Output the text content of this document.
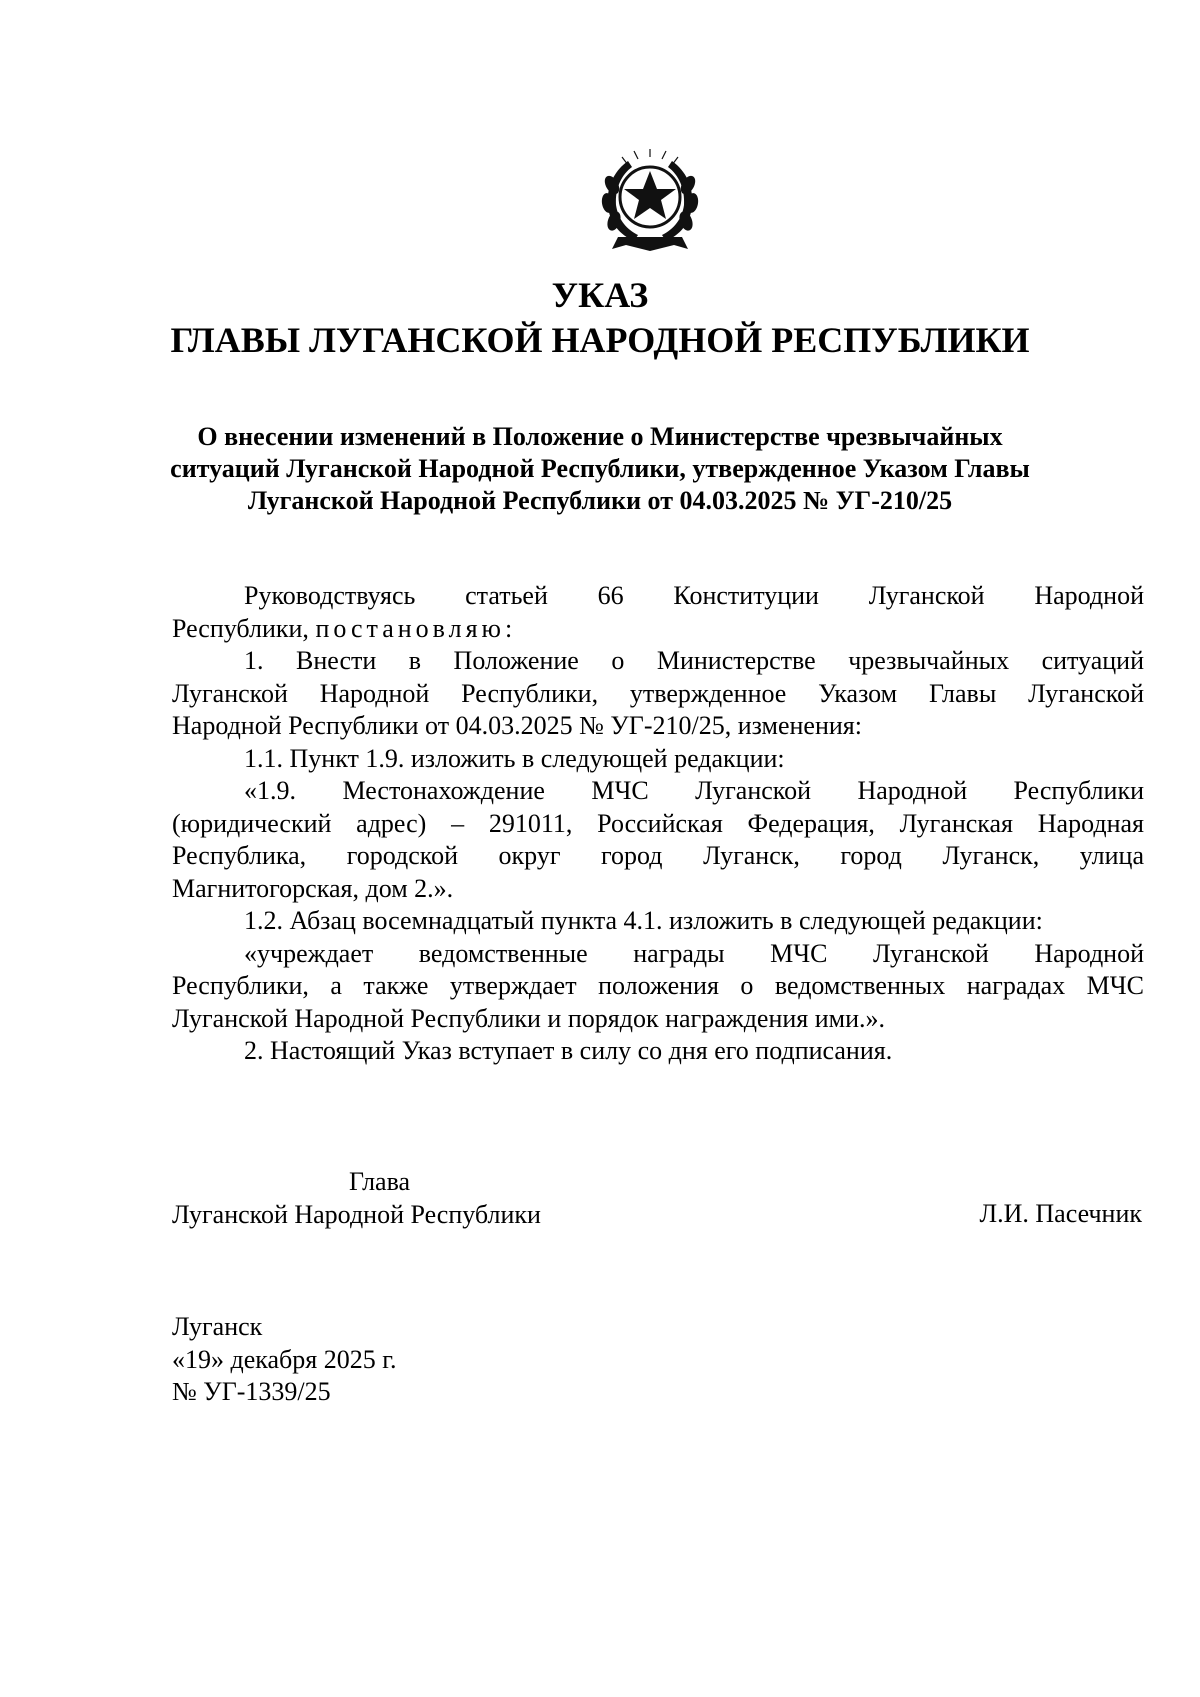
УКАЗ
ГЛАВЫ ЛУГАНСКОЙ НАРОДНОЙ РЕСПУБЛИКИ
О внесении изменений в Положение о Министерстве чрезвычайных
ситуаций Луганской Народной Республики, утвержденное Указом Главы
Луганской Народной Республики от 04.03.2025 № УГ-210/25
Руководствуясь статьей 66 Конституции Луганской Народной
Республики, постановляю:
1. Внести в Положение о Министерстве чрезвычайных ситуаций
Луганской Народной Республики, утвержденное Указом Главы Луганской
Народной Республики от 04.03.2025 № УГ-210/25, изменения:
1.1. Пункт 1.9. изложить в следующей редакции:
«1.9. Местонахождение МЧС Луганской Народной Республики
(юридический адрес) – 291011, Российская Федерация, Луганская Народная
Республика, городской округ город Луганск, город Луганск, улица
Магнитогорская, дом 2.».
1.2. Абзац восемнадцатый пункта 4.1. изложить в следующей редакции:
«учреждает ведомственные награды МЧС Луганской Народной
Республики, а также утверждает положения о ведомственных наградах МЧС
Луганской Народной Республики и порядок награждения ими.».
2. Настоящий Указ вступает в силу со дня его подписания.
Глава
Луганской Народной Республики	Л.И. Пасечник
Луганск
«19» декабря 2025 г.
№ УГ-1339/25
